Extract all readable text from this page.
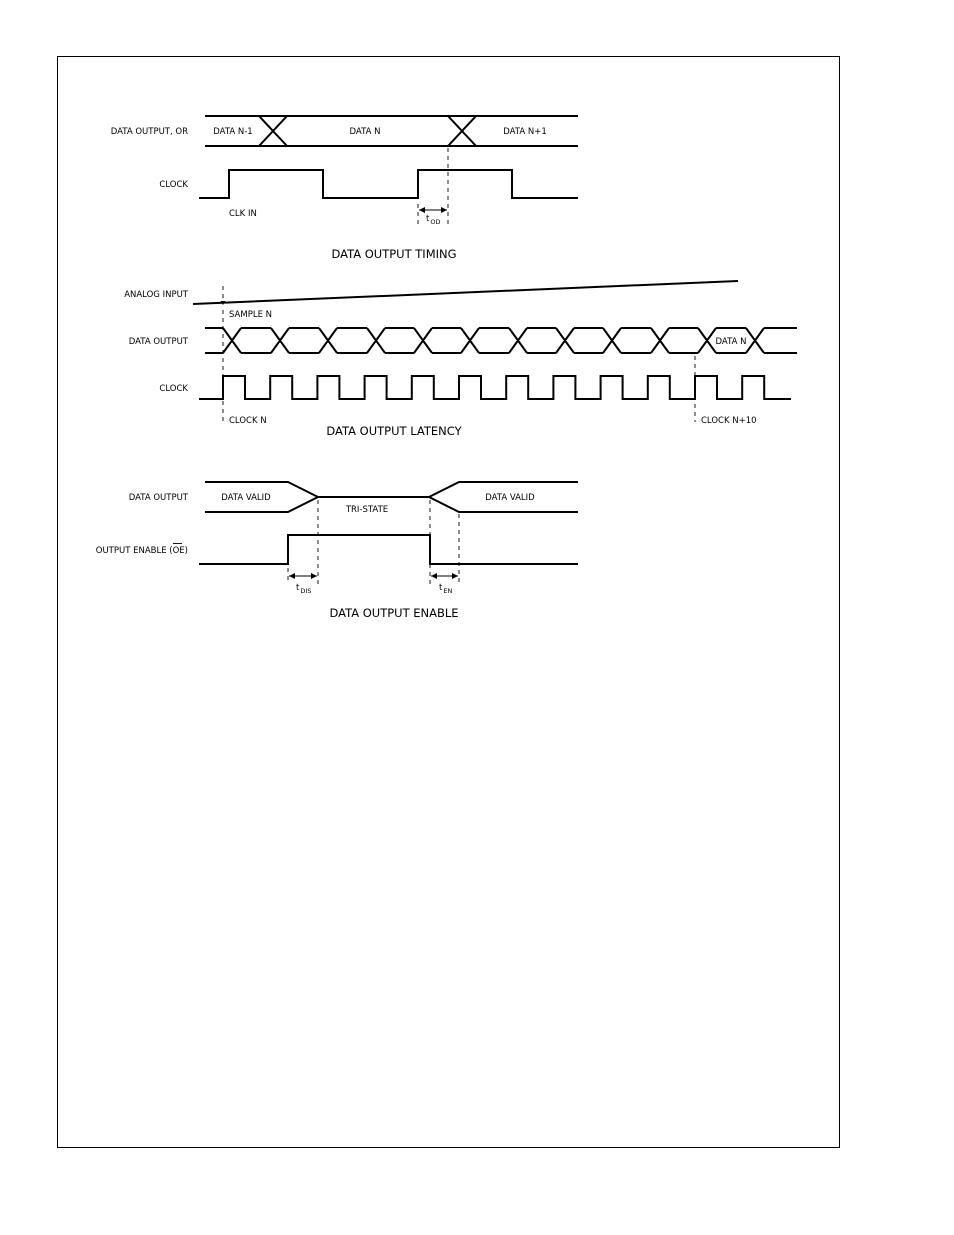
DATA OUTPUT, OR
CLOCK
DATA N-1	DATA N	DATA N+1
CLK IN	$t_{OD}$
DATA OUTPUT TIMING
ANALOG INPUT
SAMPLE N
DATA OUTPUT	DATA N
CLOCK
CLOCK N	CLOCK N+10
DATA OUTPUT LATENCY
DATA OUTPUT
OUTPUT ENABLE (OE)
DATA VALID
TRI-STATE
DATA VALID
$t_{DIS}$	$t_{EN}$
DATA OUTPUT ENABLE
